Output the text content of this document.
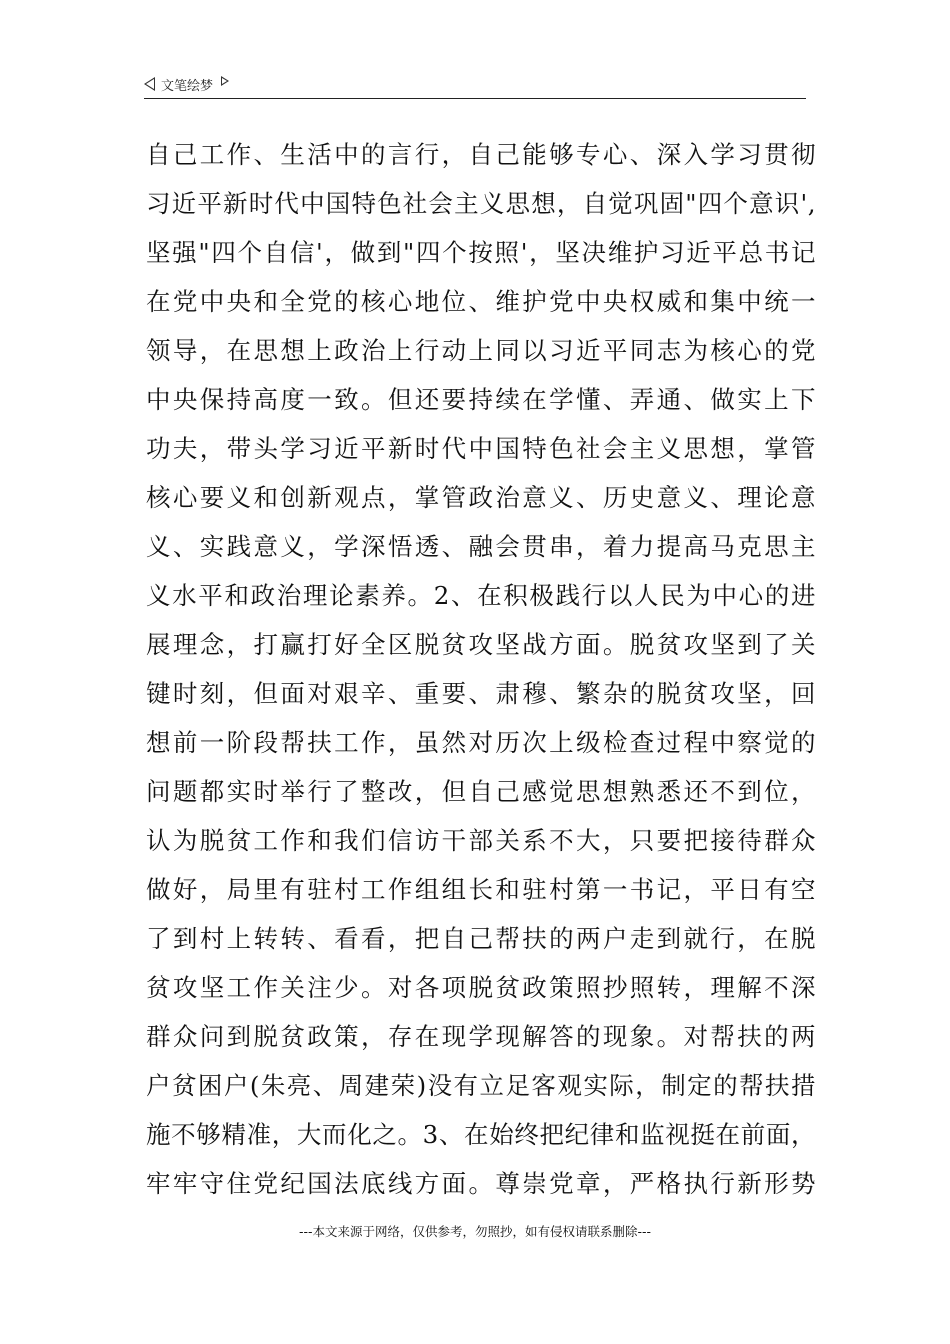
文笔绘梦
自己工作、生活中的言行，自己能够专心、深入学习贯彻
习近平新时代中国特色社会主义思想，自觉巩固"四个意识',
坚强"四个自信'，做到"四个按照'，坚决维护习近平总书记
在党中央和全党的核心地位、维护党中央权威和集中统一
领导，在思想上政治上行动上同以习近平同志为核心的党
中央保持高度一致。但还要持续在学懂、弄通、做实上下
功夫，带头学习近平新时代中国特色社会主义思想，掌管
核心要义和创新观点，掌管政治意义、历史意义、理论意
义、实践意义，学深悟透、融会贯串，着力提高马克思主
义水平和政治理论素养。2、在积极践行以人民为中心的进
展理念，打赢打好全区脱贫攻坚战方面。脱贫攻坚到了关
键时刻，但面对艰辛、重要、肃穆、繁杂的脱贫攻坚，回
想前一阶段帮扶工作，虽然对历次上级检查过程中察觉的
问题都实时举行了整改，但自己感觉思想熟悉还不到位，
认为脱贫工作和我们信访干部关系不大，只要把接待群众
做好，局里有驻村工作组组长和驻村第一书记，平日有空
了到村上转转、看看，把自己帮扶的两户走到就行，在脱
贫攻坚工作关注少。对各项脱贫政策照抄照转，理解不深
群众问到脱贫政策，存在现学现解答的现象。对帮扶的两
户贫困户(朱亮、周建荣)没有立足客观实际，制定的帮扶措
施不够精准，大而化之。3、在始终把纪律和监视挺在前面，
牢牢守住党纪国法底线方面。尊崇党章，严格执行新形势
---本文来源于网络，仅供参考，勿照抄，如有侵权请联系删除---
